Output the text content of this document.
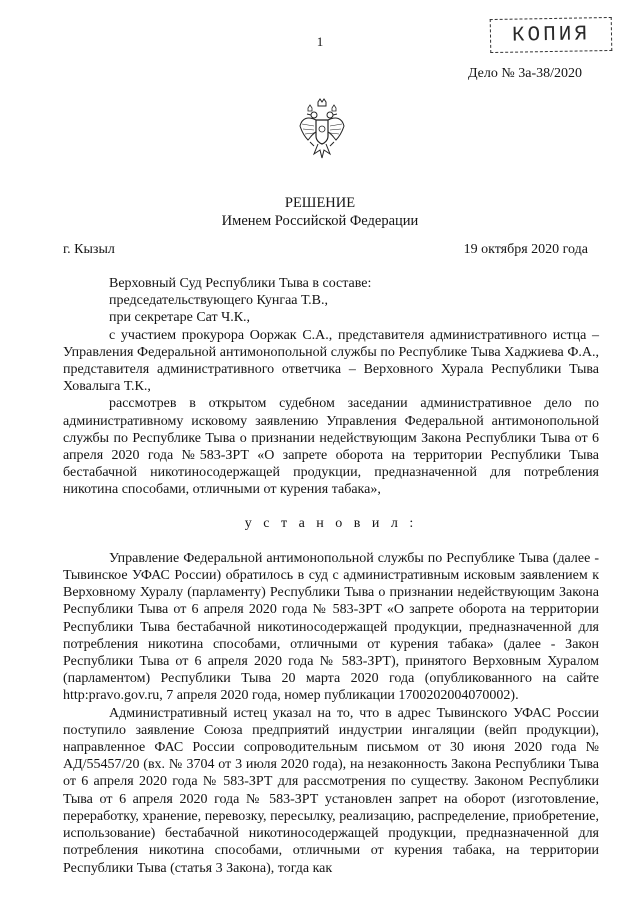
КОПИЯ
1
Дело № 3а-38/2020
РЕШЕНИЕ
Именем Российской Федерации
г. Кызыл	19 октября 2020 года

Верховный Суд Республики Тыва в составе:

председательствующего Кунгаа Т.В.,

при секретаре Сат Ч.К.,

с участием прокурора Ооржак С.А., представителя административного истца – Управления Федеральной антимонопольной службы по Республике Тыва Хаджиева Ф.А., представителя административного ответчика – Верховного Хурала Республики Тыва Ховалыга Т.К.,

рассмотрев в открытом судебном заседании административное дело по административному исковому заявлению Управления Федеральной антимонопольной службы по Республике Тыва о признании недействующим Закона Республики Тыва от 6 апреля 2020 года №583-ЗРТ «О запрете оборота на территории Республики Тыва бестабачной никотиносодержащей продукции, предназначенной для потребления никотина способами, отличными от курения табака»,

у с т а н о в и л :

Управление Федеральной антимонопольной службы по Республике Тыва (далее - Тывинское УФАС России) обратилось в суд с административным исковым заявлением к Верховному Хуралу (парламенту) Республики Тыва о признании недействующим Закона Республики Тыва от 6 апреля 2020 года № 583-ЗРТ «О запрете оборота на территории Республики Тыва бестабачной никотиносодержащей продукции, предназначенной для потребления никотина способами, отличными от курения табака» (далее - Закон Республики Тыва от 6 апреля 2020 года № 583-ЗРТ), принятого Верховным Хуралом (парламентом) Республики Тыва 20 марта 2020 года (опубликованного на сайте http:pravo.gov.ru, 7 апреля 2020 года, номер публикации 1700202004070002).

Административный истец указал на то, что в адрес Тывинского УФАС России поступило заявление Союза предприятий индустрии ингаляции (вейп продукции), направленное ФАС России сопроводительным письмом от 30 июня 2020 года № АД/55457/20 (вх. № 3704 от 3 июля 2020 года), на незаконность Закона Республики Тыва от 6 апреля 2020 года № 583-ЗРТ для рассмотрения по существу. Законом Республики Тыва от 6 апреля 2020 года № 583-ЗРТ установлен запрет на оборот (изготовление, переработку, хранение, перевозку, пересылку, реализацию, распределение, приобретение, использование) бестабачной никотиносодержащей продукции, предназначенной для потребления никотина способами, отличными от курения табака, на территории Республики Тыва (статья 3 Закона), тогда как
